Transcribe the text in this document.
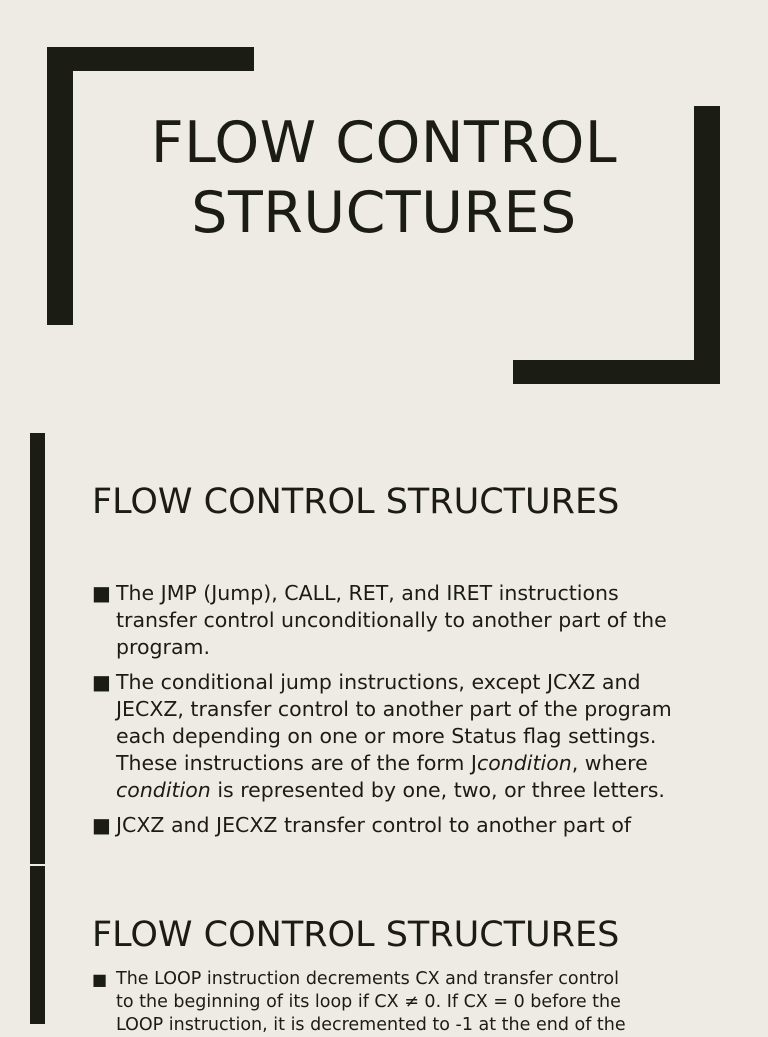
FLOW CONTROL
STRUCTURES
FLOW CONTROL STRUCTURES
■ The JMP (Jump), CALL, RET, and IRET instructions transfer control unconditionally to another part of the program.
■ The conditional jump instructions, except JCXZ and JECXZ, transfer control to another part of the program each depending on one or more Status flag settings. These instructions are of the form Jcondition, where condition is represented by one, two, or three letters.
■ JCXZ and JECXZ transfer control to another part of
FLOW CONTROL STRUCTURES
■ The LOOP instruction decrements CX and transfer control
to the beginning of its loop if CX ≠ 0. If CX = 0 before the
LOOP instruction, it is decremented to -1 at the end of the
